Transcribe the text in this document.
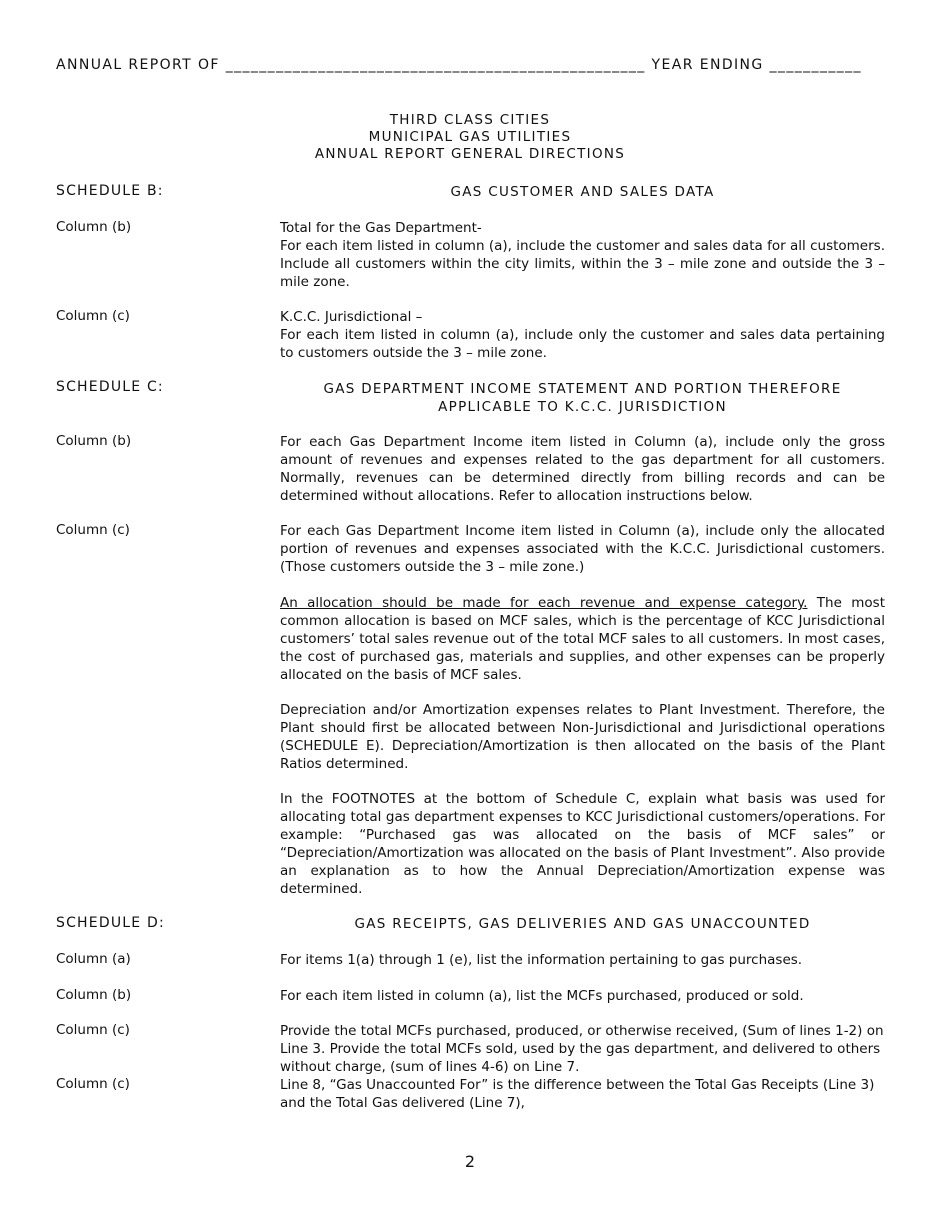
ANNUAL REPORT OF __________________________________________________ YEAR ENDING ___________
THIRD CLASS CITIES
MUNICIPAL GAS UTILITIES
ANNUAL REPORT GENERAL DIRECTIONS
SCHEDULE B:	GAS CUSTOMER AND SALES DATA
Column (b)	Total for the Gas Department-

For each item listed in column (a), include the customer and sales data for all customers. Include all customers within the city limits, within the 3 – mile zone and outside the 3 – mile zone.

Column (c)	K.C.C. Jurisdictional –

For each item listed in column (a), include only the customer and sales data pertaining to customers outside the 3 – mile zone.

SCHEDULE C:	GAS DEPARTMENT INCOME STATEMENT AND PORTION THEREFORE
APPLICABLE TO K.C.C. JURISDICTION
Column (b)	For each Gas Department Income item listed in Column (a), include only the gross amount of revenues and expenses related to the gas department for all customers. Normally, revenues can be determined directly from billing records and can be determined without allocations. Refer to allocation instructions below.
Column (c)	For each Gas Department Income item listed in Column (a), include only the allocated portion of revenues and expenses associated with the K.C.C. Jurisdictional customers. (Those customers outside the 3 – mile zone.)
An allocation should be made for each revenue and expense category. The most common allocation is based on MCF sales, which is the percentage of KCC Jurisdictional customers’ total sales revenue out of the total MCF sales to all customers. In most cases, the cost of purchased gas, materials and supplies, and other expenses can be properly allocated on the basis of MCF sales.
Depreciation and/or Amortization expenses relates to Plant Investment. Therefore, the Plant should first be allocated between Non-Jurisdictional and Jurisdictional operations (SCHEDULE E). Depreciation/Amortization is then allocated on the basis of the Plant Ratios determined.
In the FOOTNOTES at the bottom of Schedule C, explain what basis was used for allocating total gas department expenses to KCC Jurisdictional customers/operations. For example: “Purchased gas was allocated on the basis of MCF sales” or “Depreciation/Amortization was allocated on the basis of Plant Investment”. Also provide an explanation as to how the Annual Depreciation/Amortization expense was determined.
SCHEDULE D:	GAS RECEIPTS, GAS DELIVERIES AND GAS UNACCOUNTED
Column (a)	For items 1(a) through 1 (e), list the information pertaining to gas purchases.
Column (b)	For each item listed in column (a), list the MCFs purchased, produced or sold.
Column (c)	Provide the total MCFs purchased, produced, or otherwise received, (Sum of lines 1-2) on Line 3. Provide the total MCFs sold, used by the gas department, and delivered to others without charge, (sum of lines 4-6) on Line 7.
Column (c)	Line 8, “Gas Unaccounted For” is the difference between the Total Gas Receipts (Line 3) and the Total Gas delivered (Line 7),
2
